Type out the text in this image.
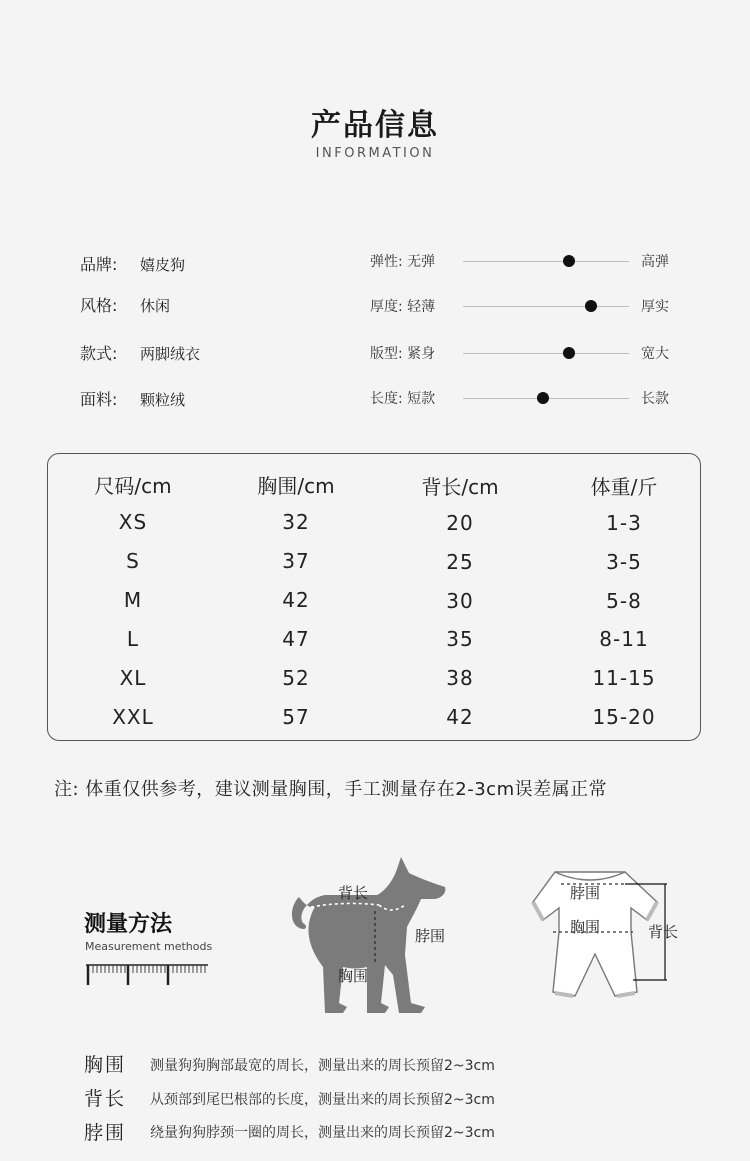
产品信息
INFORMATION
品牌: 嬉皮狗
风格: 休闲
款式: 两脚绒衣
面料: 颗粒绒
弹性: 无弹	高弹
厚度: 轻薄	厚实
版型: 紧身	宽大
长度: 短款	长款
尺码/cm	胸围/cm	背长/cm	体重/斤
XS	32	20	1-3
S	37	25	3-5
M	42	30	5-8
L	47	35	8-11
XL	52	38	11-15
XXL	57	42	15-20
注: 体重仅供参考，建议测量胸围，手工测量存在2-3cm误差属正常
测量方法
Measurement methods
背长
脖围
胸围
脖围
胸围	背长
胸围 测量狗狗胸部最宽的周长，测量出来的周长预留2~3cm
背长 从颈部到尾巴根部的长度，测量出来的周长预留2~3cm
脖围 绕量狗狗脖颈一圈的周长，测量出来的周长预留2~3cm
